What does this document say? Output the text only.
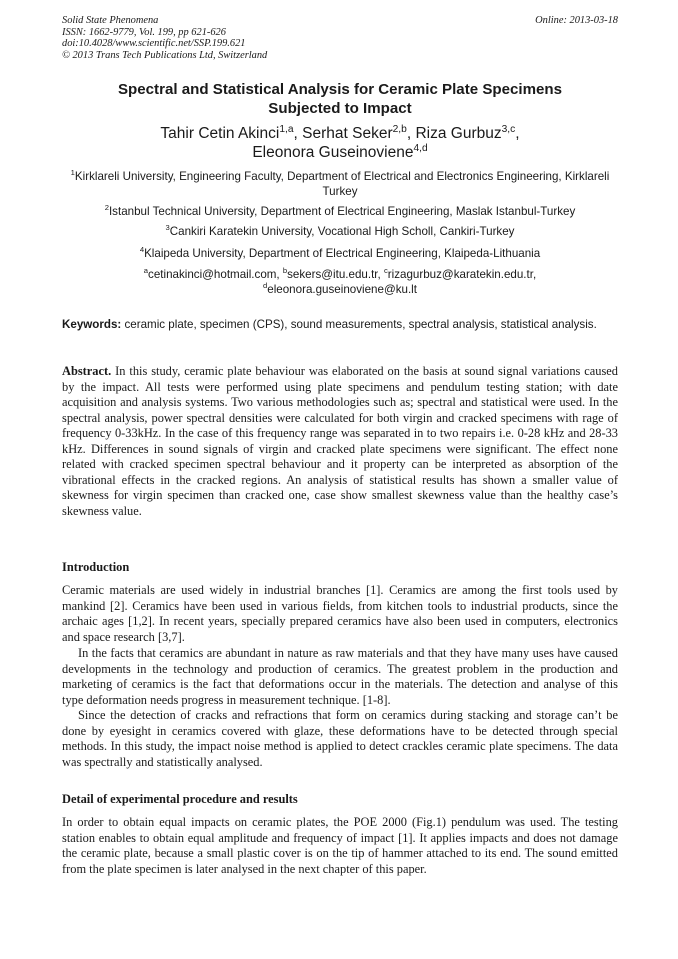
Solid State Phenomena
ISSN: 1662-9779, Vol. 199, pp 621-626
doi:10.4028/www.scientific.net/SSP.199.621
© 2013 Trans Tech Publications Ltd, Switzerland
Online: 2013-03-18
Spectral and Statistical Analysis for Ceramic Plate Specimens
Subjected to Impact
Tahir Cetin Akinci$^{1,a}$, Serhat Seker$^{2,b}$, Riza Gurbuz$^{3,c}$,
Eleonora Guseinoviene$^{4,d}$
$^1$Kirklareli University, Engineering Faculty, Department of Electrical and Electronics Engineering, Kirklareli Turkey
$^2$Istanbul Technical University, Department of Electrical Engineering, Maslak Istanbul-Turkey
$^3$Cankiri Karatekin University, Vocational High Scholl, Cankiri-Turkey
$^4$Klaipeda University, Department of Electrical Engineering, Klaipeda-Lithuania
$^a$cetinakinci@hotmail.com, $^b$sekers@itu.edu.tr, $^c$rizagurbuz@karatekin.edu.tr,
$^d$eleonora.guseinoviene@ku.lt
Keywords: ceramic plate, specimen (CPS), sound measurements, spectral analysis, statistical analysis.
Abstract. In this study, ceramic plate behaviour was elaborated on the basis at sound signal variations caused by the impact. All tests were performed using plate specimens and pendulum testing station; with date acquisition and analysis systems. Two various methodologies such as; spectral and statistical were used. In the spectral analysis, power spectral densities were calculated for both virgin and cracked specimens with rage of frequency 0-33kHz. In the case of this frequency range was separated in to two repairs i.e. 0-28 kHz and 28-33 kHz. Differences in sound signals of virgin and cracked plate specimens were significant. The effect none related with cracked specimen spectral behaviour and it property can be interpreted as absorption of the vibrational effects in the cracked regions. An analysis of statistical results has shown a smaller value of skewness for virgin specimen than cracked one, case show smallest skewness value than the healthy case’s skewness value.
Introduction

Ceramic materials are used widely in industrial branches [1]. Ceramics are among the first tools used by mankind [2]. Ceramics have been used in various fields, from kitchen tools to industrial products, since the archaic ages [1,2]. In recent years, specially prepared ceramics have also been used in computers, electronics and space research [3,7].

In the facts that ceramics are abundant in nature as raw materials and that they have many uses have caused developments in the technology and production of ceramics. The greatest problem in the production and marketing of ceramics is the fact that deformations occur in the materials. The detection and analyse of this type deformation needs progress in measurement technique. [1-8].

Since the detection of cracks and refractions that form on ceramics during stacking and storage can’t be done by eyesight in ceramics covered with glaze, these deformations have to be detected through special methods. In this study, the impact noise method is applied to detect crackles ceramic plate specimens. The data was spectrally and statistically analysed.

Detail of experimental procedure and results

In order to obtain equal impacts on ceramic plates, the POE 2000 (Fig.1) pendulum was used. The testing station enables to obtain equal amplitude and frequency of impact [1]. It applies impacts and does not damage the ceramic plate, because a small plastic cover is on the tip of hammer attached to its end. The sound emitted from the plate specimen is later analysed in the next chapter of this paper.
